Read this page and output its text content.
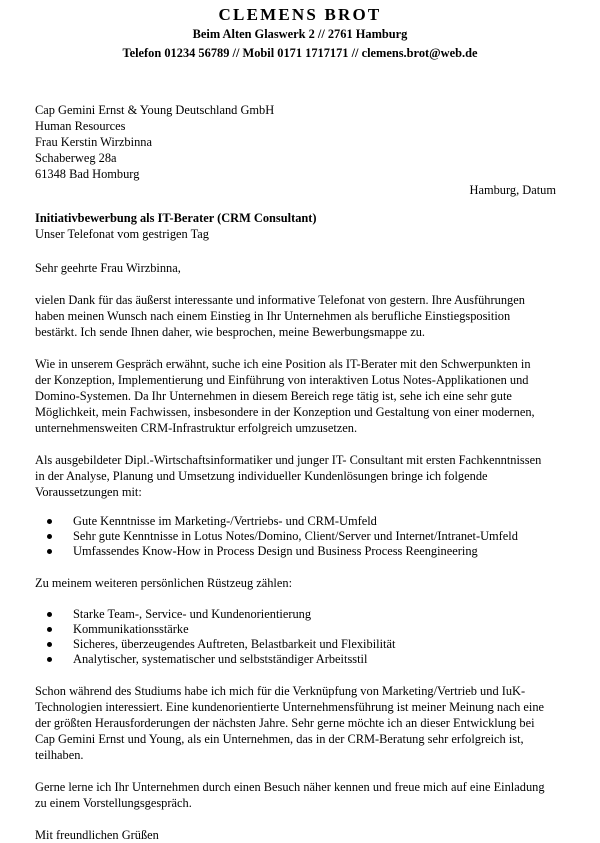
CLEMENS BROT
Beim Alten Glaswerk 2 // 2761 Hamburg
Telefon 01234 56789 // Mobil 0171 1717171 // clemens.brot@web.de
Cap Gemini Ernst & Young Deutschland GmbH
Human Resources
Frau Kerstin Wirzbinna
Schaberweg 28a
61348 Bad Homburg
Hamburg, Datum
Initiativbewerbung als IT-Berater (CRM Consultant)
Unser Telefonat vom gestrigen Tag
Sehr geehrte Frau Wirzbinna,
vielen Dank für das äußerst interessante und informative Telefonat von gestern. Ihre Ausführungen
haben meinen Wunsch nach einem Einstieg in Ihr Unternehmen als berufliche Einstiegsposition
bestärkt. Ich sende Ihnen daher, wie besprochen, meine Bewerbungsmappe zu.
Wie in unserem Gespräch erwähnt, suche ich eine Position als IT-Berater mit den Schwerpunkten in
der Konzeption, Implementierung und Einführung von interaktiven Lotus Notes-Applikationen und
Domino-Systemen. Da Ihr Unternehmen in diesem Bereich rege tätig ist, sehe ich eine sehr gute
Möglichkeit, mein Fachwissen, insbesondere in der Konzeption und Gestaltung von einer modernen,
unternehmensweiten CRM-Infrastruktur erfolgreich umzusetzen.
Als ausgebildeter Dipl.-Wirtschaftsinformatiker und junger IT- Consultant mit ersten Fachkenntnissen
in der Analyse, Planung und Umsetzung individueller Kundenlösungen bringe ich folgende
Voraussetzungen mit:
Gute Kenntnisse im Marketing-/Vertriebs- und CRM-Umfeld
Sehr gute Kenntnisse in Lotus Notes/Domino, Client/Server und Internet/Intranet-Umfeld
Umfassendes Know-How in Process Design und Business Process Reengineering
Zu meinem weiteren persönlichen Rüstzeug zählen:
Starke Team-, Service- und Kundenorientierung
Kommunikationsstärke
Sicheres, überzeugendes Auftreten, Belastbarkeit und Flexibilität
Analytischer, systematischer und selbstständiger Arbeitsstil
Schon während des Studiums habe ich mich für die Verknüpfung von Marketing/Vertrieb und IuK-
Technologien interessiert. Eine kundenorientierte Unternehmensführung ist meiner Meinung nach eine
der größten Herausforderungen der nächsten Jahre. Sehr gerne möchte ich an dieser Entwicklung bei
Cap Gemini Ernst und Young, als ein Unternehmen, das in der CRM-Beratung sehr erfolgreich ist,
teilhaben.
Gerne lerne ich Ihr Unternehmen durch einen Besuch näher kennen und freue mich auf eine Einladung
zu einem Vorstellungsgespräch.
Mit freundlichen Grüßen
